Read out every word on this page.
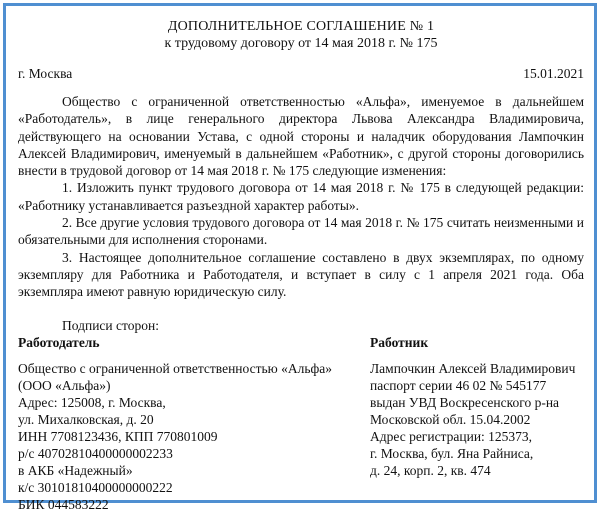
ДОПОЛНИТЕЛЬНОЕ СОГЛАШЕНИЕ № 1
к трудовому договору от 14 мая 2018 г. № 175
г. Москва	15.01.2021

Общество с ограниченной ответственностью «Альфа», именуемое в дальнейшем «Работодатель», в лице генерального директора Львова Александра Владимировича, действующего на основании Устава, с одной стороны и наладчик оборудования Лампочкин Алексей Владимирович, именуемый в дальнейшем «Работник», с другой стороны договорились внести в трудовой договор от 14 мая 2018 г. № 175 следующие изменения:

1. Изложить пункт трудового договора от 14 мая 2018 г. № 175 в следующей редакции: «Работнику устанавливается разъездной характер работы».

2. Все другие условия трудового договора от 14 мая 2018 г. № 175 считать неизменными и обязательными для исполнения сторонами.

3. Настоящее дополнительное соглашение составлено в двух экземплярах, по одному экземпляру для Работника и Работодателя, и вступает в силу с 1 апреля 2021 года. Оба экземпляра имеют равную юридическую силу.

Подписи сторон:
Работодатель
Общество с ограниченной ответственностью «Альфа»
(ООО «Альфа»)
Адрес: 125008, г. Москва,
ул. Михалковская, д. 20
ИНН 7708123436, КПП 770801009
р/с 40702810400000002233
в АКБ «Надежный»
к/с 30101810400000000222
БИК 044583222
Работник
Лампочкин Алексей Владимирович
паспорт серии 46 02 № 545177
выдан УВД Воскресенского р-на
Московской обл. 15.04.2002
Адрес регистрации: 125373,
г. Москва, бул. Яна Райниса,
д. 24, корп. 2, кв. 474
